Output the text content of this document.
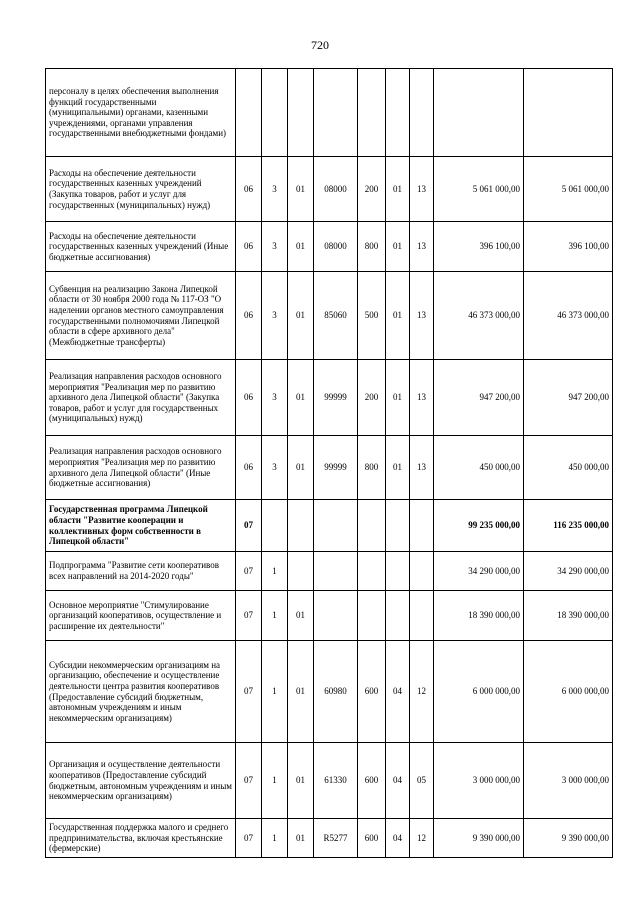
720
персоналу в целях обеспечения выполнения функций государственными (муниципальными) органами, казенными учреждениями, органами управления государственными внебюджетными фондами)									
Расходы на обеспечение деятельности государственных казенных учреждений (Закупка товаров, работ и услуг для государственных (муниципальных) нужд)	06	3	01	08000	200	01	13	5 061 000,00	5 061 000,00
Расходы на обеспечение деятельности государственных казенных учреждений (Иные бюджетные ассигнования)	06	3	01	08000	800	01	13	396 100,00	396 100,00
Субвенция на реализацию Закона Липецкой области от 30 ноября 2000 года № 117-ОЗ "О наделении органов местного самоуправления государственными полномочиями Липецкой области в сфере архивного дела" (Межбюджетные трансферты)	06	3	01	85060	500	01	13	46 373 000,00	46 373 000,00
Реализация направления расходов основного мероприятия "Реализация мер по развитию архивного дела Липецкой области" (Закупка товаров, работ и услуг для государственных (муниципальных) нужд)	06	3	01	99999	200	01	13	947 200,00	947 200,00
Реализация направления расходов основного мероприятия "Реализация мер по развитию архивного дела Липецкой области" (Иные бюджетные ассигнования)	06	3	01	99999	800	01	13	450 000,00	450 000,00
Государственная программа Липецкой области "Развитие кооперации и коллективных форм собственности в Липецкой области"	07							99 235 000,00	116 235 000,00
Подпрограмма "Развитие сети кооперативов всех направлений на 2014-2020 годы"	07	1						34 290 000,00	34 290 000,00
Основное мероприятие "Стимулирование организаций кооперативов, осуществление и расширение их деятельности"	07	1	01					18 390 000,00	18 390 000,00
Субсидии некоммерческим организациям на организацию, обеспечение и осуществление деятельности центра развития кооперативов (Предоставление субсидий бюджетным, автономным учреждениям и иным некоммерческим организациям)	07	1	01	60980	600	04	12	6 000 000,00	6 000 000,00
Организация и осуществление деятельности кооперативов (Предоставление субсидий бюджетным, автономным учреждениям и иным некоммерческим организациям)	07	1	01	61330	600	04	05	3 000 000,00	3 000 000,00
Государственная поддержка малого и среднего предпринимательства, включая крестьянские (фермерские)	07	1	01	R5277	600	04	12	9 390 000,00	9 390 000,00
